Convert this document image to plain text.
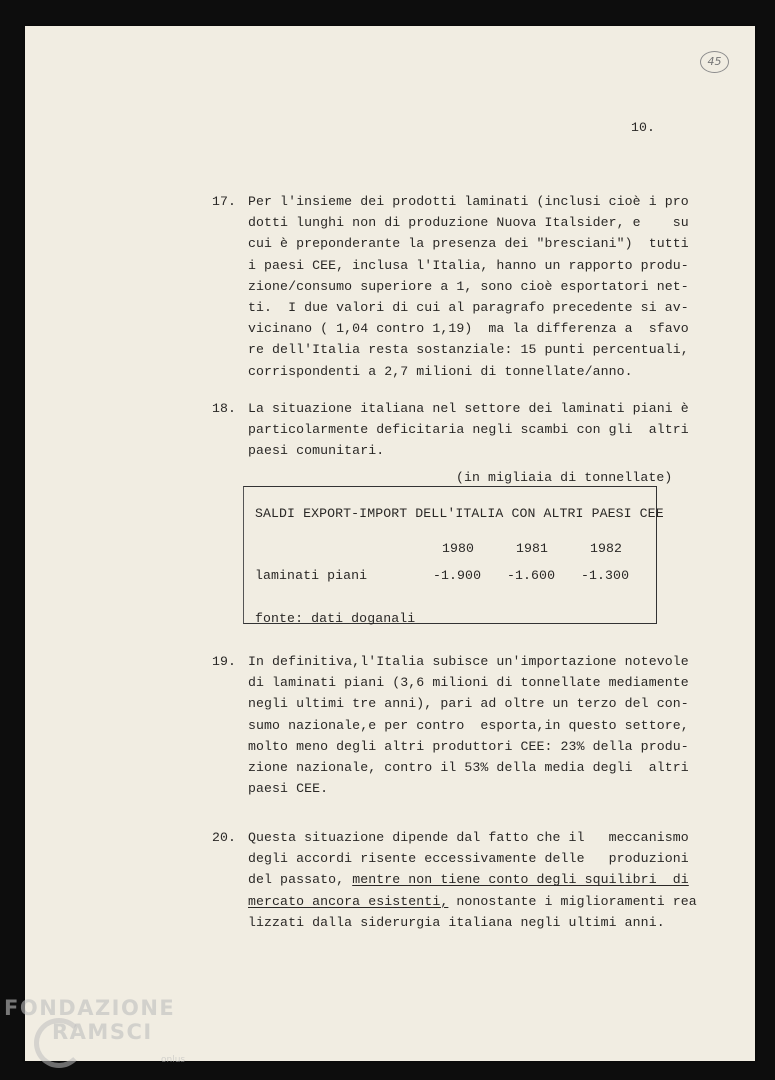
45
10.
17. Per l'insieme dei prodotti laminati (inclusi cioè i pro
dotti lunghi non di produzione Nuova Italsider, e    su
cui è preponderante la presenza dei "bresciani")  tutti
i paesi CEE, inclusa l'Italia, hanno un rapporto produ-
zione/consumo superiore a 1, sono cioè esportatori net-
ti.  I due valori di cui al paragrafo precedente si av-
vicinano ( 1,04 contro 1,19)  ma la differenza a  sfavo
re dell'Italia resta sostanziale: 15 punti percentuali,
corrispondenti a 2,7 milioni di tonnellate/anno.
18. La situazione italiana nel settore dei laminati piani è
particolarmente deficitaria negli scambi con gli  altri
paesi comunitari.
(in migliaia di tonnellate)
SALDI EXPORT-IMPORT DELL'ITALIA CON ALTRI PAESI CEE
1980	1981	1982
laminati piani	-1.900 -1.600 -1.300
fonte: dati doganali
19. In definitiva,l'Italia subisce un'importazione notevole
di laminati piani (3,6 milioni di tonnellate mediamente
negli ultimi tre anni), pari ad oltre un terzo del con-
sumo nazionale,e per contro  esporta,in questo settore,
molto meno degli altri produttori CEE: 23% della produ-
zione nazionale, contro il 53% della media degli  altri
paesi CEE.
20. Questa situazione dipende dal fatto che il   meccanismo
degli accordi risente eccessivamente delle   produzioni
del passato, mentre non tiene conto degli squilibri  di
mercato ancora esistenti, nonostante i miglioramenti rea
lizzati dalla siderurgia italiana negli ultimi anni.
FONDAZIONE
RAMSCI
onlus
